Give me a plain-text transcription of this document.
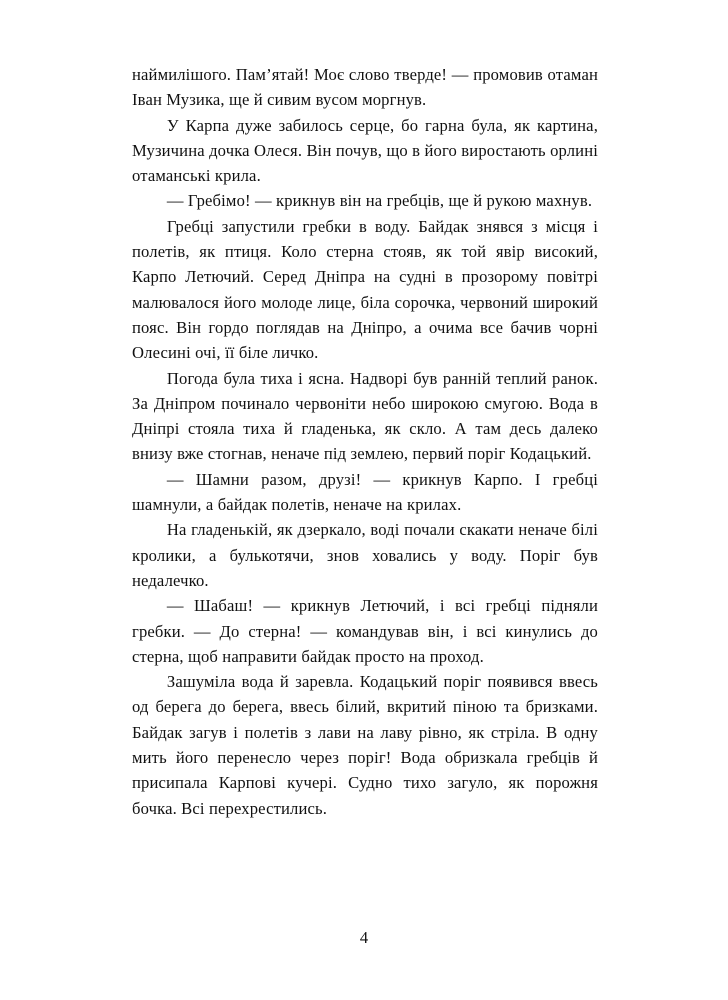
наймилішого. Пам’ятай! Моє слово тверде! — промовив отаман Іван Музика, ще й сивим вусом моргнув.

У Карпа дуже забилось серце, бо гарна була, як картина, Музичина дочка Олеся. Він почув, що в його виростають орлині отаманські крила.

— Гребімо! — крикнув він на гребців, ще й рукою махнув.

Гребці запустили гребки в воду. Байдак знявся з місця і полетів, як птиця. Коло стерна стояв, як той явір високий, Карпо Летючий. Серед Дніпра на судні в прозорому повітрі малювалося його молоде лице, біла сорочка, червоний широкий пояс. Він гордо поглядав на Дніпро, а очима все бачив чорні Олесині очі, її біле личко.

Погода була тиха і ясна. Надворі був ранній теплий ранок. За Дніпром починало червоніти небо широкою смугою. Вода в Дніпрі стояла тиха й гладенька, як скло. А там десь далеко внизу вже стогнав, неначе під землею, первий поріг Кодацький.

— Шамни разом, друзі! — крикнув Карпо. І гребці шамнули, а байдак полетів, неначе на крилах.

На гладенькій, як дзеркало, воді почали скакати неначе білі кролики, а булькотячи, знов ховались у воду. Поріг був недалечко.

— Шабаш! — крикнув Летючий, і всі гребці підняли гребки. — До стерна! — командував він, і всі кинулись до стерна, щоб направити байдак просто на проход.

Зашуміла вода й заревла. Кодацький поріг появився ввесь од берега до берега, ввесь білий, вкритий піною та бризками. Байдак загув і полетів з лави на лаву рівно, як стріла. В одну мить його перенесло через поріг! Вода обризкала гребців й присипала Карпові кучері. Судно тихо загуло, як порожня бочка. Всі перехрестились.

4
